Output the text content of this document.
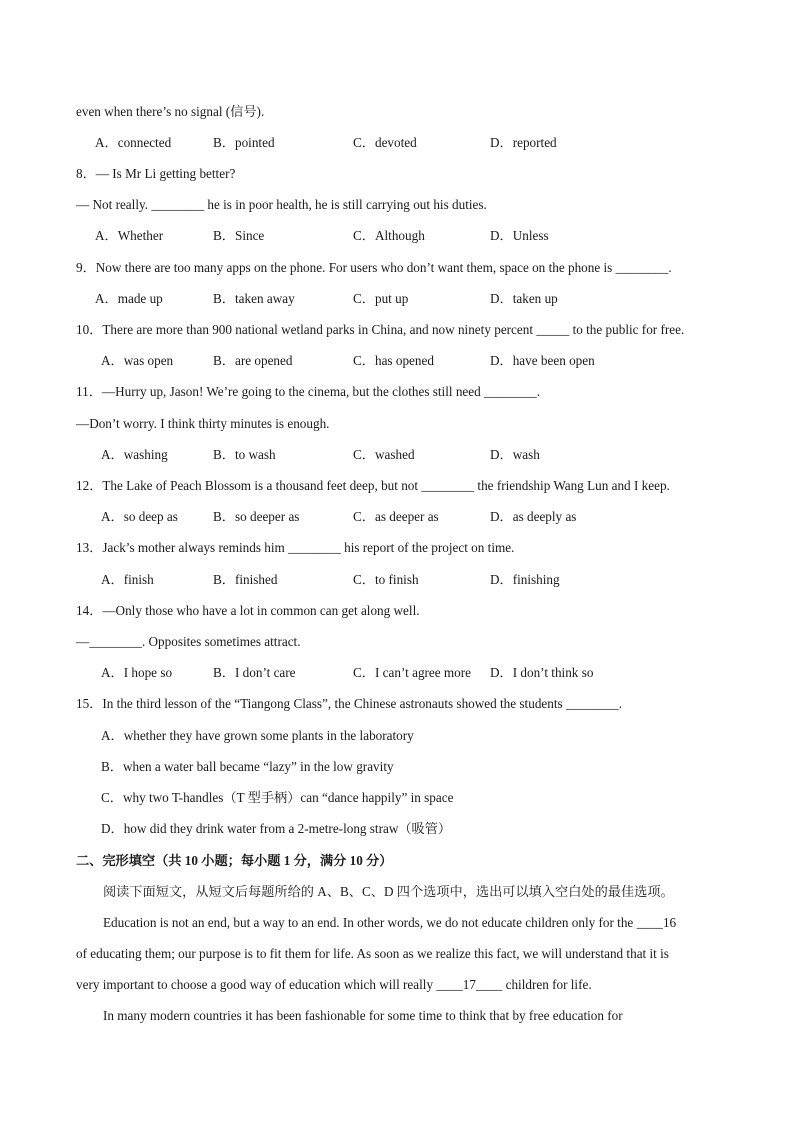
even when there’s no signal (信号).
A．connected	B．pointed	C．devoted	D．reported
8．— Is Mr Li getting better?
— Not really. ________ he is in poor health, he is still carrying out his duties.
A．Whether	B．Since	C．Although	D．Unless
9．Now there are too many apps on the phone. For users who don’t want them, space on the phone is ________.
A．made up	B．taken away	C．put up	D．taken up
10．There are more than 900 national wetland parks in China, and now ninety percent _____ to the public for free.
A．was open	B．are opened	C．has opened	D．have been open
11．—Hurry up, Jason! We’re going to the cinema, but the clothes still need ________.
—Don’t worry. I think thirty minutes is enough.
A．washing	B．to wash	C．washed	D．wash
12．The Lake of Peach Blossom is a thousand feet deep, but not ________ the friendship Wang Lun and I keep.
A．so deep as	B．so deeper as	C．as deeper as	D．as deeply as
13．Jack’s mother always reminds him ________ his report of the project on time.
A．finish	B．finished	C．to finish	D．finishing
14．—Only those who have a lot in common can get along well.
—________. Opposites sometimes attract.
A．I hope so	B．I don’t care	C．I can’t agree more D．I don’t think so
15．In the third lesson of the “Tiangong Class”, the Chinese astronauts showed the students ________.
A．whether they have grown some plants in the laboratory
B．when a water ball became “lazy” in the low gravity
C．why two T-handles（T 型手柄）can “dance happily” in space
D．how did they drink water from a 2-metre-long straw（吸管）
二、完形填空（共 10 小题；每小题 1 分，满分 10 分）
阅读下面短文，从短文后每题所给的 A、B、C、D 四个选项中，选出可以填入空白处的最佳选项。
Education is not an end, but a way to an end. In other words, we do not educate children only for the ____16
of educating them; our purpose is to fit them for life. As soon as we realize this fact, we will understand that it is
very important to choose a good way of education which will really ____17____ children for life.
In many modern countries it has been fashionable for some time to think that by free education for
